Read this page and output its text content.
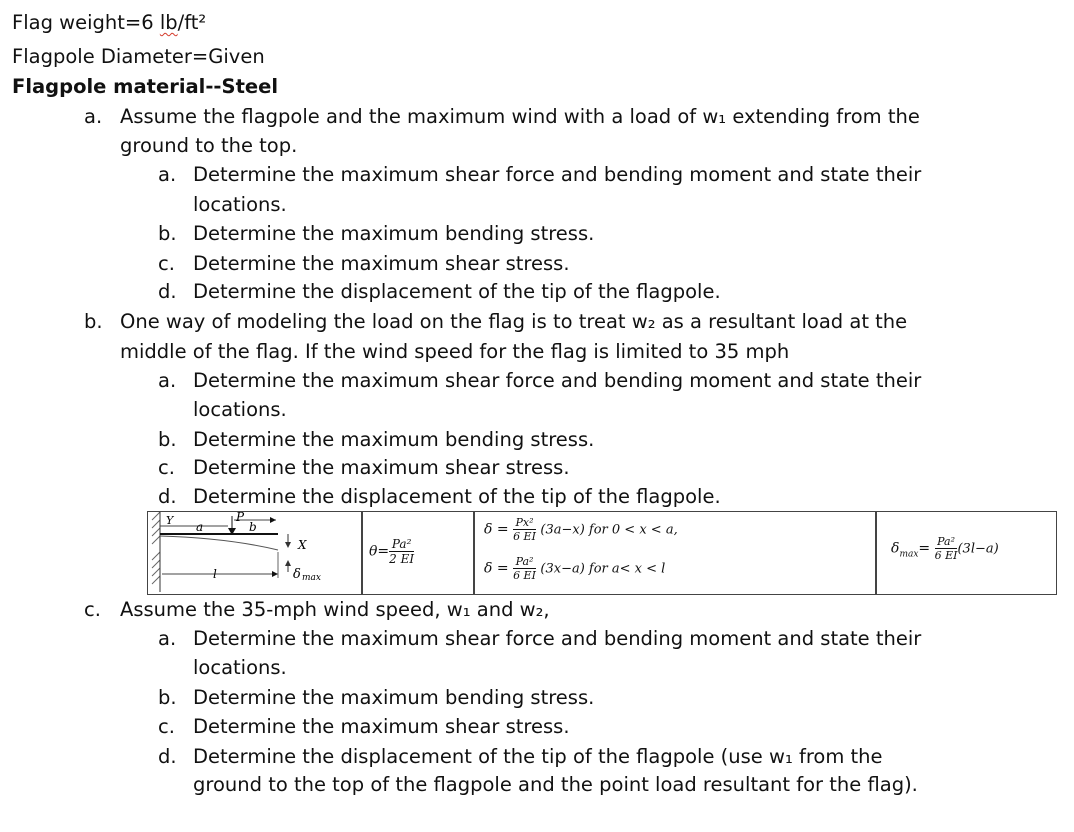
Flag weight=6 lb/ft²
Flagpole Diameter=Given
Flagpole material--Steel
a. Assume the flagpole and the maximum wind with a load of w₁ extending from the
ground to the top.
a. Determine the maximum shear force and bending moment and state their
locations.
b. Determine the maximum bending stress.
c. Determine the maximum shear stress.
d. Determine the displacement of the tip of the flagpole.
b. One way of modeling the load on the flag is to treat w₂ as a resultant load at the
middle of the flag. If the wind speed for the flag is limited to 35 mph
a. Determine the maximum shear force and bending moment and state their
locations.
b. Determine the maximum bending stress.
c. Determine the maximum shear stress.
d. Determine the displacement of the tip of the flagpole.
Y a
P
b
X
l	δ max
$\theta= \frac{\text{Pa²}}{2 EI}$
$\delta = \frac{\text{Px²}}{6 EI} (3a-x)$ for 0 < x < a,
$\delta = \frac{\text{Pa²}}{6 EI} (3x-a)$ for a< x < l
$\delta_{max}= \frac{\text{Pa²}}{6 EI} (3l-a)$
c. Assume the 35-mph wind speed, w₁ and w₂,
a. Determine the maximum shear force and bending moment and state their
locations.
b. Determine the maximum bending stress.
c. Determine the maximum shear stress.
d. Determine the displacement of the tip of the flagpole (use w₁ from the
ground to the top of the flagpole and the point load resultant for the flag).
